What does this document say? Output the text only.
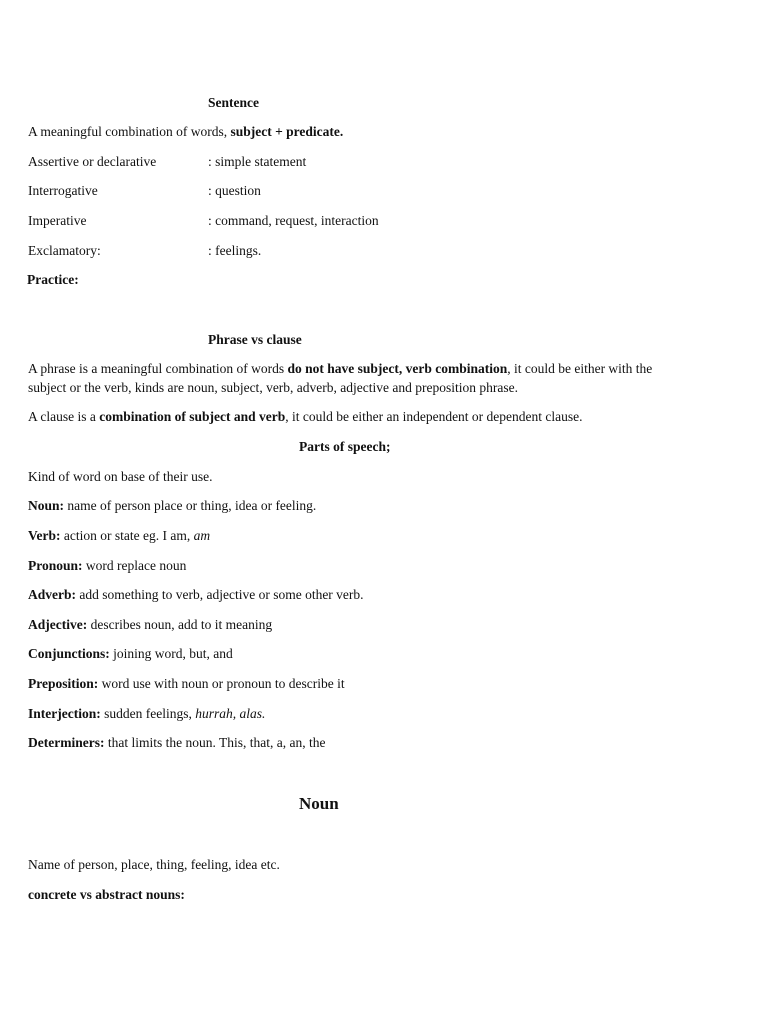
Sentence
A meaningful combination of words, subject + predicate.
Assertive or declarative	: simple statement
Interrogative	: question
Imperative	: command, request, interaction
Exclamatory:	: feelings.
Practice:
Phrase vs clause
A phrase is a meaningful combination of words do not have subject, verb combination, it could be either with the
subject or the verb, kinds are noun, subject, verb, adverb, adjective and preposition phrase.
A clause is a combination of subject and verb, it could be either an independent or dependent clause.
Parts of speech;
Kind of word on base of their use.
Noun: name of person place or thing, idea or feeling.
Verb: action or state eg. I am, am
Pronoun: word replace noun
Adverb: add something to verb, adjective or some other verb.
Adjective: describes noun, add to it meaning
Conjunctions: joining word, but, and
Preposition: word use with noun or pronoun to describe it
Interjection: sudden feelings, hurrah, alas.
Determiners: that limits the noun. This, that, a, an, the
Noun
Name of person, place, thing, feeling, idea etc.
concrete vs abstract nouns:
